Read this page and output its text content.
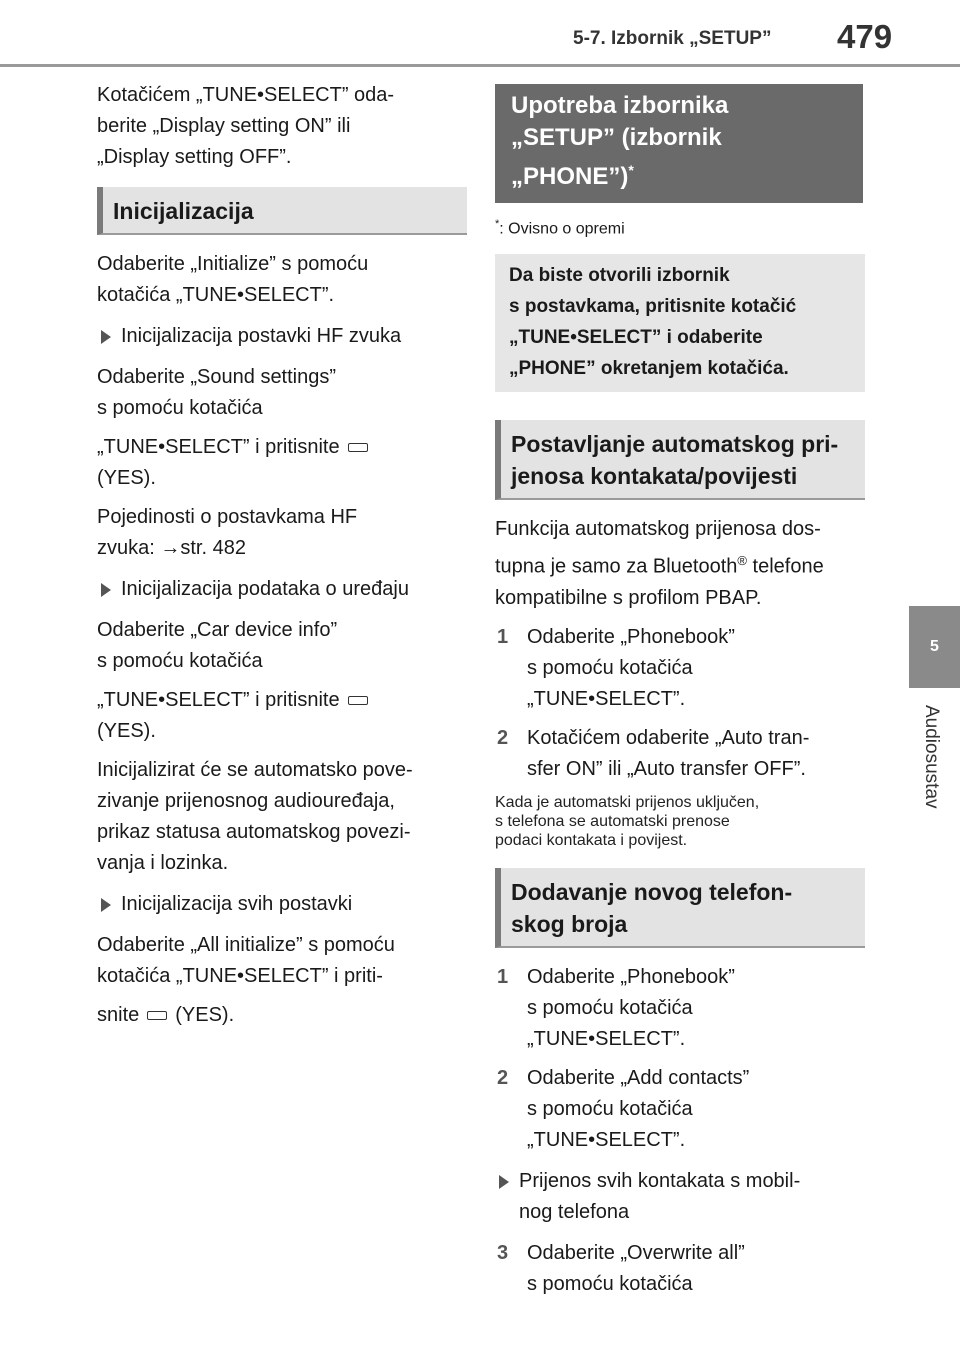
5-7. Izbornik „SETUP” 479
5
Audiosustav

Kotačićem „TUNE•SELECT” oda-
berite „Display setting ON” ili
„Display setting OFF”.

Inicijalizacija

Odaberite „Initialize” s pomoću
kotačića „TUNE•SELECT”.

Inicijalizacija postavki HF zvuka

Odaberite „Sound settings”
s pomoću kotačića

„TUNE•SELECT” i pritisnite
(YES).

Pojedinosti o postavkama HF
zvuka: →str. 482

Inicijalizacija podataka o uređaju

Odaberite „Car device info”
s pomoću kotačića

„TUNE•SELECT” i pritisnite
(YES).

Inicijalizirat će se automatsko pove-
zivanje prijenosnog audiouređaja,
prikaz statusa automatskog povezi-
vanja i lozinka.

Inicijalizacija svih postavki

Odaberite „All initialize” s pomoću
kotačića „TUNE•SELECT” i priti-

snite (YES).

Upotreba izbornika
„SETUP” (izbornik
„PHONE”)*

*: Ovisno o opremi

Da biste otvorili izbornik
s postavkama, pritisnite kotačić
„TUNE•SELECT” i odaberite
„PHONE” okretanjem kotačića.
Postavljanje automatskog pri-
jenosa kontakata/povijesti

Funkcija automatskog prijenosa dos-
tupna je samo za Bluetooth® telefone
kompatibilne s profilom PBAP.

1 Odaberite „Phonebook”
s pomoću kotačića
„TUNE•SELECT”.
2 Kotačićem odaberite „Auto tran-
sfer ON” ili „Auto transfer OFF”.

Kada je automatski prijenos uključen,
s telefona se automatski prenose
podaci kontakata i povijest.

Dodavanje novog telefon-
skog broja
1 Odaberite „Phonebook”
s pomoću kotačića
„TUNE•SELECT”.
2 Odaberite „Add contacts”
s pomoću kotačića
„TUNE•SELECT”.
Prijenos svih kontakata s mobil-
nog telefona
3 Odaberite „Overwrite all”
s pomoću kotačića
